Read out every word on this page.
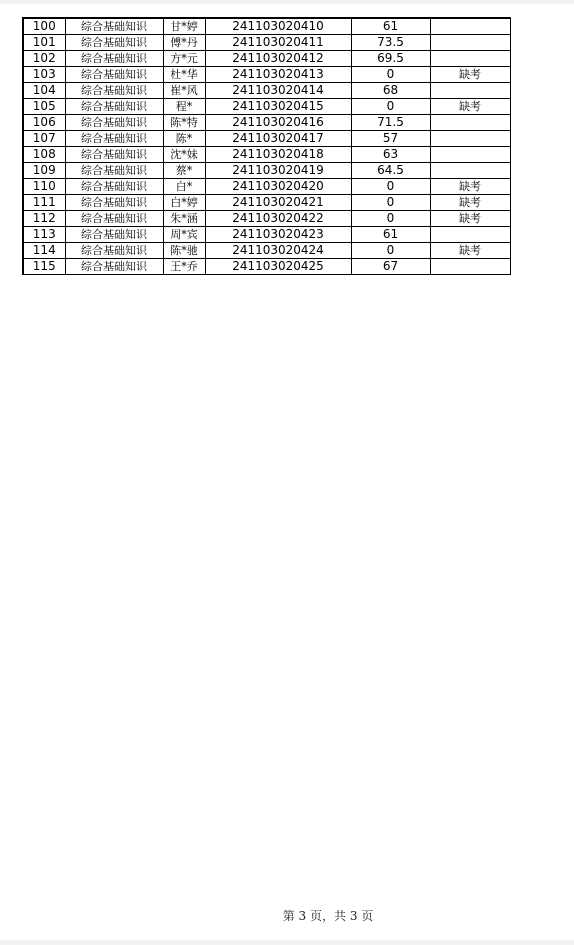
100	综合基础知识	甘*婷	241103020410	61	
101	综合基础知识	傅*丹	241103020411	73.5	
102	综合基础知识	方*元	241103020412	69.5	
103	综合基础知识	杜*华	241103020413	0	缺考
104	综合基础知识	崔*风	241103020414	68	
105	综合基础知识	程*	241103020415	0	缺考
106	综合基础知识	陈*特	241103020416	71.5	
107	综合基础知识	陈*	241103020417	57	
108	综合基础知识	沈*妹	241103020418	63	
109	综合基础知识	蔡*	241103020419	64.5	
110	综合基础知识	白*	241103020420	0	缺考
111	综合基础知识	白*婷	241103020421	0	缺考
112	综合基础知识	朱*涵	241103020422	0	缺考
113	综合基础知识	周*宾	241103020423	61	
114	综合基础知识	陈*驰	241103020424	0	缺考
115	综合基础知识	王*乔	241103020425	67	
第 3 页，共 3 页
